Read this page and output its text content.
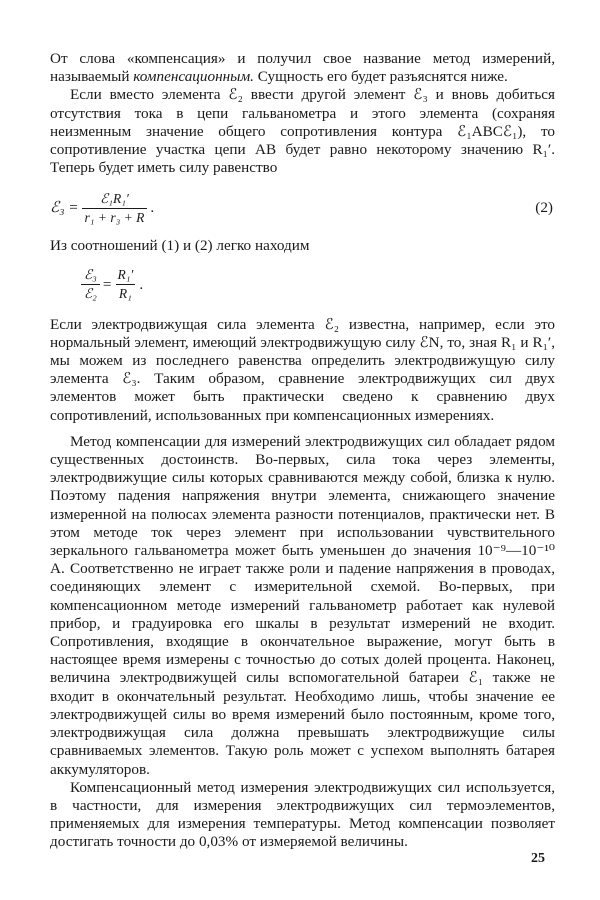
От слова «компенсация» и получил свое название метод измерений, называемый компенсационным. Сущность его будет разъяснятся ниже.

Если вместо элемента ℰ₂ ввести другой элемент ℰ₃ и вновь добиться отсутствия тока в цепи гальванометра и этого элемента (сохраняя неизменным значение общего сопротивления контура ℰ₁ABCℰ₁), то сопротивление участка цепи AB будет равно некоторому значению R₁′. Теперь будет иметь силу равенство

ℰ₃ = $\frac{\text{ℰ₁R₁′}}{\text{r₁ + r₃ + R}}$ .	(2)

Из соотношений (1) и (2) легко находим

$\frac{\text{ℰ₃}}{\text{ℰ₂}} = \frac{\text{R₁′}}{\text{R₁}}$ .

Если электродвижущая сила элемента ℰ₂ известна, например, если это нормальный элемент, имеющий электродвижущую силу ℰN, то, зная R₁ и R₁′, мы можем из последнего равенства определить электродвижущую силу элемента ℰ₃. Таким образом, сравнение электродвижущих сил двух элементов может быть практически сведено к сравнению двух сопротивлений, использованных при компенсационных измерениях.

Метод компенсации для измерений электродвижущих сил обладает рядом существенных достоинств. Во-первых, сила тока через элементы, электродвижущие силы которых сравниваются между собой, близка к нулю. Поэтому падения напряжения внутри элемента, снижающего значение измеренной на полюсах элемента разности потенциалов, практически нет. В этом методе ток через элемент при использовании чувствительного зеркального гальванометра может быть уменьшен до значения 10⁻⁹—10⁻¹⁰ А. Соответственно не играет также роли и падение напряжения в проводах, соединяющих элемент с измерительной схемой. Во-первых, при компенсационном методе измерений гальванометр работает как нулевой прибор, и градуировка его шкалы в результат измерений не входит. Сопротивления, входящие в окончательное выражение, могут быть в настоящее время измерены с точностью до сотых долей процента. Наконец, величина электродвижущей силы вспомогательной батареи ℰ₁ также не входит в окончательный результат. Необходимо лишь, чтобы значение ее электродвижущей силы во время измерений было постоянным, кроме того, электродвижущая сила должна превышать электродвижущие силы сравниваемых элементов. Такую роль может с успехом выполнять батарея аккумуляторов.

Компенсационный метод измерения электродвижущих сил используется, в частности, для измерения электродвижущих сил термоэлементов, применяемых для измерения температуры. Метод компенсации позволяет достигать точности до 0,03% от измеряемой величины.

25
